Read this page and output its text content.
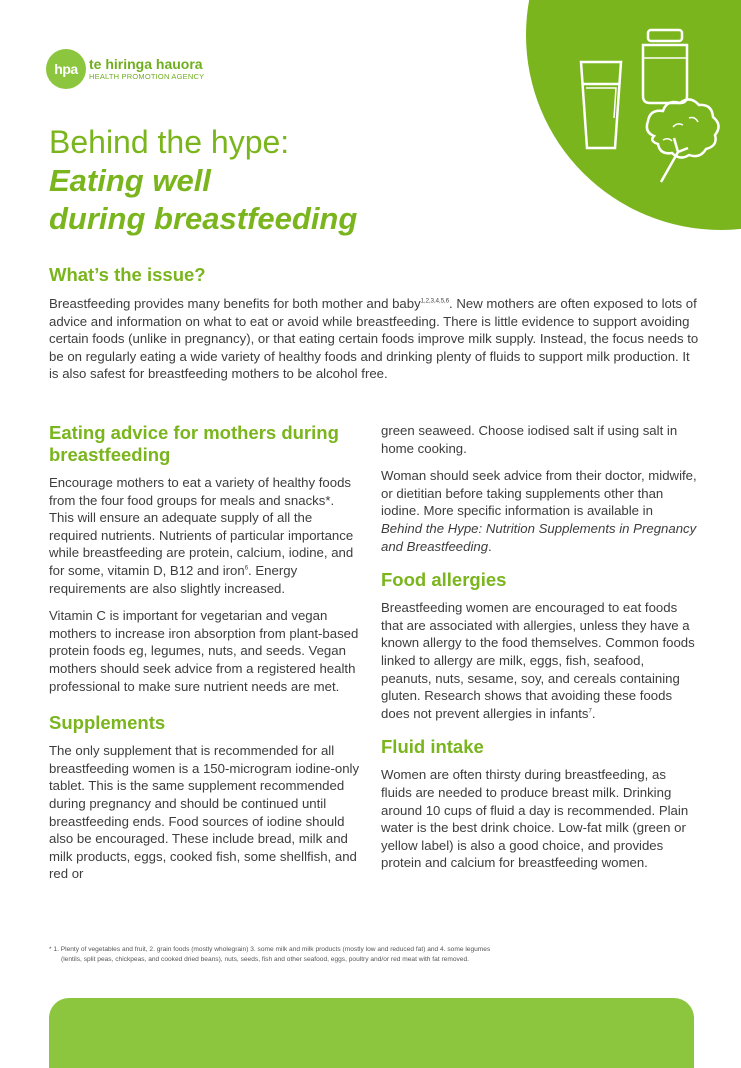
hpa te hiringa hauora
HEALTH PROMOTION AGENCY
Behind the hype:
Eating well
during breastfeeding
What’s the issue?

Breastfeeding provides many benefits for both mother and baby$^{1,2,3,4,5,6}$. New mothers are often exposed to lots of advice and information on what to eat or avoid while breastfeeding. There is little evidence to support avoiding certain foods (unlike in pregnancy), or that eating certain foods improve milk supply. Instead, the focus needs to be on regularly eating a wide variety of healthy foods and drinking plenty of fluids to support milk production. It is also safest for breastfeeding mothers to be alcohol free.

Eating advice for mothers during breastfeeding

Encourage mothers to eat a variety of healthy foods from the four food groups for meals and snacks*. This will ensure an adequate supply of all the required nutrients. Nutrients of particular importance while breastfeeding are protein, calcium, iodine, and for some, vitamin D, B12 and iron$^6$. Energy requirements are also slightly increased.

Vitamin C is important for vegetarian and vegan mothers to increase iron absorption from plant-based protein foods eg, legumes, nuts, and seeds. Vegan mothers should seek advice from a registered health professional to make sure nutrient needs are met.

Supplements

The only supplement that is recommended for all breastfeeding women is a 150-microgram iodine-only tablet. This is the same supplement recommended during pregnancy and should be continued until breastfeeding ends. Food sources of iodine should also be encouraged. These include bread, milk and milk products, eggs, cooked fish, some shellfish, and red or

green seaweed. Choose iodised salt if using salt in home cooking.

Woman should seek advice from their doctor, midwife, or dietitian before taking supplements other than iodine. More specific information is available in Behind the Hype: Nutrition Supplements in Pregnancy and Breastfeeding.

Food allergies

Breastfeeding women are encouraged to eat foods that are associated with allergies, unless they have a known allergy to the food themselves. Common foods linked to allergy are milk, eggs, fish, seafood, peanuts, nuts, sesame, soy, and cereals containing gluten. Research shows that avoiding these foods does not prevent allergies in infants$^7$.

Fluid intake

Women are often thirsty during breastfeeding, as fluids are needed to produce breast milk. Drinking around 10 cups of fluid a day is recommended. Plain water is the best drink choice. Low-fat milk (green or yellow label) is also a good choice, and provides protein and calcium for breastfeeding women.

* 1. Plenty of vegetables and fruit, 2. grain foods (mostly wholegrain) 3. some milk and milk products (mostly low and reduced fat) and 4. some legumes
(lentils, split peas, chickpeas, and cooked dried beans), nuts, seeds, fish and other seafood, eggs, poultry and/or red meat with fat removed.
